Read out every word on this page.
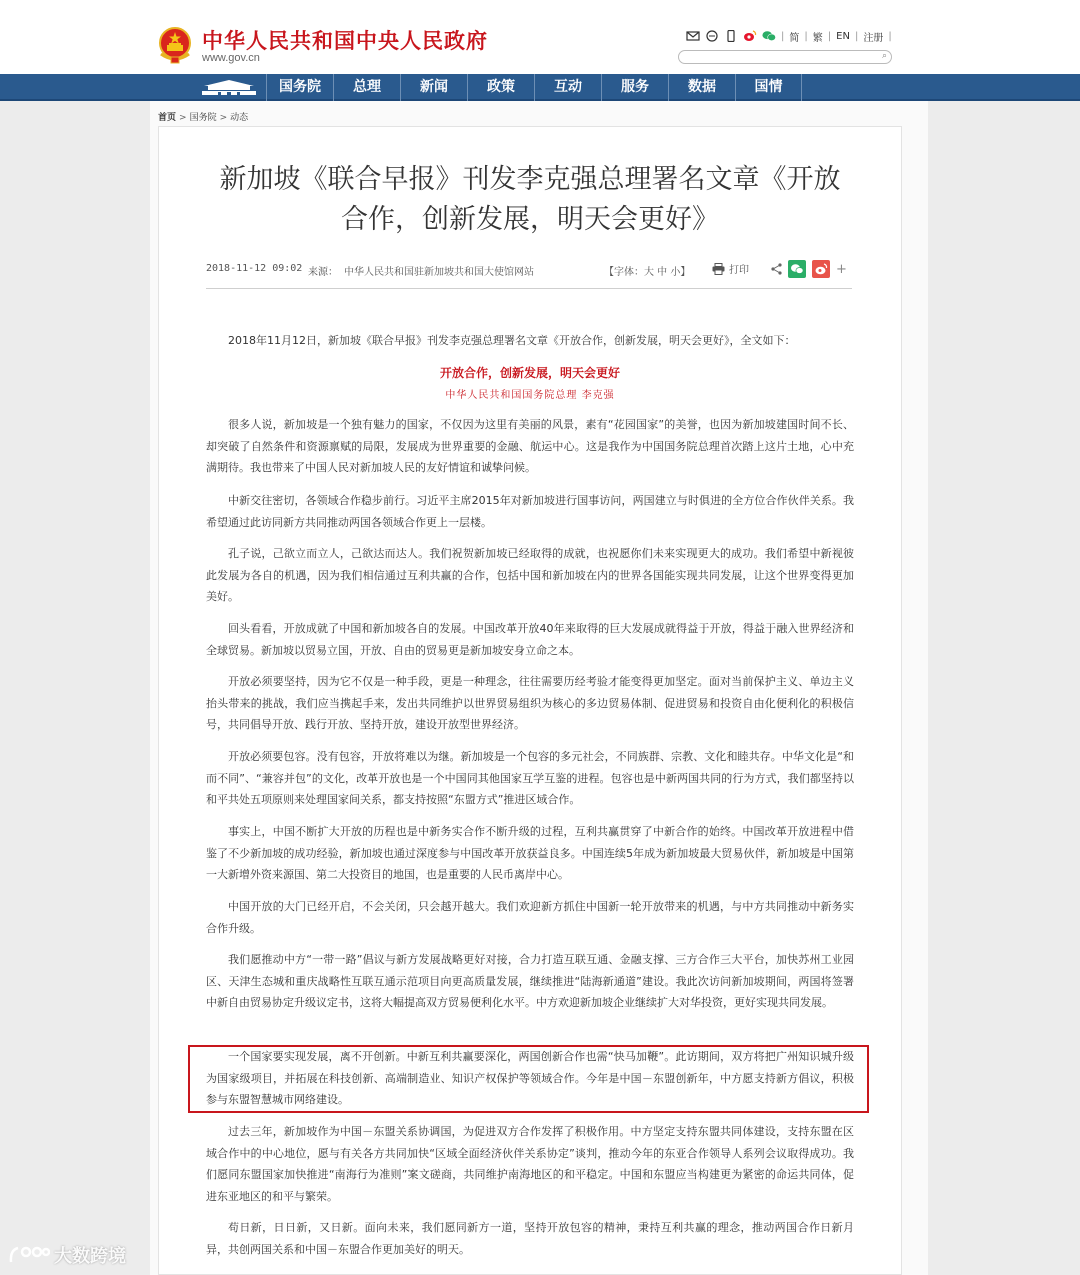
中华人民共和国中央人民政府
www.gov.cn
| 简 | 繁 | EN | 注册 |
⌕
国务院	总理	新闻	政策	互动	服务	数据	国情
首页 > 国务院 > 动态
新加坡《联合早报》刊发李克强总理署名文章《开放
合作，创新发展，明天会更好》
2018-11-12 09:02 来源： 中华人民共和国驻新加坡共和国大使馆网站	【字体：大 中 小】	打印	+
2018年11月12日，新加坡《联合早报》刊发李克强总理署名文章《开放合作，创新发展，明天会更好》，全文如下：
开放合作，创新发展，明天会更好
中华人民共和国国务院总理 李克强

很多人说，新加坡是一个独有魅力的国家，不仅因为这里有美丽的风景，素有“花园国家”的美誉，也因为新加坡建国时间不长、却突破了自然条件和资源禀赋的局限，发展成为世界重要的金融、航运中心。这是我作为中国国务院总理首次踏上这片土地，心中充满期待。我也带来了中国人民对新加坡人民的友好情谊和诚挚问候。

中新交往密切，各领域合作稳步前行。习近平主席2015年对新加坡进行国事访问，两国建立与时俱进的全方位合作伙伴关系。我希望通过此访同新方共同推动两国各领域合作更上一层楼。

孔子说，己欲立而立人，己欲达而达人。我们祝贺新加坡已经取得的成就，也祝愿你们未来实现更大的成功。我们希望中新视彼此发展为各自的机遇，因为我们相信通过互利共赢的合作，包括中国和新加坡在内的世界各国能实现共同发展，让这个世界变得更加美好。

回头看看，开放成就了中国和新加坡各自的发展。中国改革开放40年来取得的巨大发展成就得益于开放，得益于融入世界经济和全球贸易。新加坡以贸易立国，开放、自由的贸易更是新加坡安身立命之本。

开放必须要坚持，因为它不仅是一种手段，更是一种理念，往往需要历经考验才能变得更加坚定。面对当前保护主义、单边主义抬头带来的挑战，我们应当携起手来，发出共同维护以世界贸易组织为核心的多边贸易体制、促进贸易和投资自由化便利化的积极信号，共同倡导开放、践行开放、坚持开放，建设开放型世界经济。

开放必须要包容。没有包容，开放将难以为继。新加坡是一个包容的多元社会，不同族群、宗教、文化和睦共存。中华文化是“和而不同”、“兼容并包”的文化，改革开放也是一个中国同其他国家互学互鉴的进程。包容也是中新两国共同的行为方式，我们都坚持以和平共处五项原则来处理国家间关系，都支持按照“东盟方式”推进区域合作。

事实上，中国不断扩大开放的历程也是中新务实合作不断升级的过程，互利共赢贯穿了中新合作的始终。中国改革开放进程中借鉴了不少新加坡的成功经验，新加坡也通过深度参与中国改革开放获益良多。中国连续5年成为新加坡最大贸易伙伴，新加坡是中国第一大新增外资来源国、第二大投资目的地国，也是重要的人民币离岸中心。

中国开放的大门已经开启，不会关闭，只会越开越大。我们欢迎新方抓住中国新一轮开放带来的机遇，与中方共同推动中新务实合作升级。

我们愿推动中方“一带一路”倡议与新方发展战略更好对接，合力打造互联互通、金融支撑、三方合作三大平台，加快苏州工业园区、天津生态城和重庆战略性互联互通示范项目向更高质量发展，继续推进“陆海新通道”建设。我此次访问新加坡期间，两国将签署中新自由贸易协定升级议定书，这将大幅提高双方贸易便利化水平。中方欢迎新加坡企业继续扩大对华投资，更好实现共同发展。

一个国家要实现发展，离不开创新。中新互利共赢要深化，两国创新合作也需“快马加鞭”。此访期间，双方将把广州知识城升级为国家级项目，并拓展在科技创新、高端制造业、知识产权保护等领域合作。今年是中国－东盟创新年，中方愿支持新方倡议，积极参与东盟智慧城市网络建设。

过去三年，新加坡作为中国－东盟关系协调国，为促进双方合作发挥了积极作用。中方坚定支持东盟共同体建设，支持东盟在区域合作中的中心地位，愿与有关各方共同加快“区域全面经济伙伴关系协定”谈判，推动今年的东亚合作领导人系列会议取得成功。我们愿同东盟国家加快推进“南海行为准则”案文磋商，共同维护南海地区的和平稳定。中国和东盟应当构建更为紧密的命运共同体，促进东亚地区的和平与繁荣。

苟日新，日日新，又日新。面向未来，我们愿同新方一道，坚持开放包容的精神，秉持互利共赢的理念，推动两国合作日新月异，共创两国关系和中国－东盟合作更加美好的明天。

大数跨境
